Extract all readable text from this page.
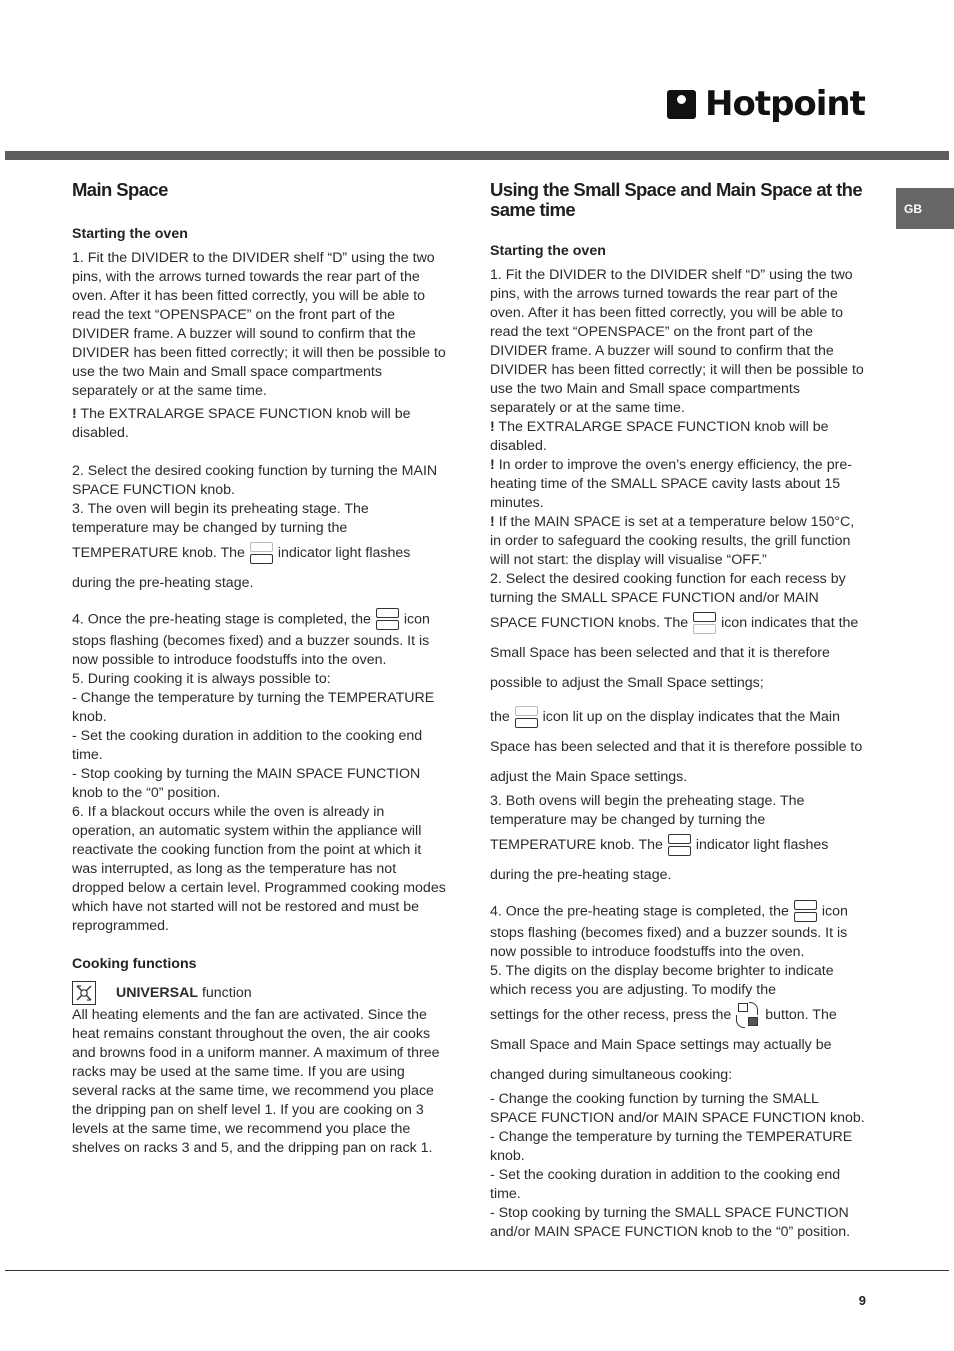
Hotpoint
GB
Main Space
Starting the oven

1. Fit the DIVIDER to the DIVIDER shelf “D” using the two pins, with the arrows turned towards the rear part of the oven. After it has been fitted correctly, you will be able to read the text “OPENSPACE” on the front part of the DIVIDER frame. A buzzer will sound to confirm that the DIVIDER has been fitted correctly; it will then be possible to use the two Main and Small space compartments separately or at the same time.

! The EXTRALARGE SPACE FUNCTION knob will be disabled.

2. Select the desired cooking function by turning the MAIN SPACE FUNCTION knob.

3. The oven will begin its preheating stage. The temperature may be changed by turning the

TEMPERATURE knob. The indicator light flashes during the pre-heating stage.

4. Once the pre-heating stage is completed, the icon stops flashing (becomes fixed) and a buzzer sounds. It is now possible to introduce foodstuffs into the oven.

5. During cooking it is always possible to:

- Change the temperature by turning the TEMPERATURE knob.

- Set the cooking duration in addition to the cooking end time.

- Stop cooking by turning the MAIN SPACE FUNCTION knob to the “0” position.

6. If a blackout occurs while the oven is already in operation, an automatic system within the appliance will reactivate the cooking function from the point at which it was interrupted, as long as the temperature has not dropped below a certain level. Programmed cooking modes which have not started will not be restored and must be reprogrammed.

Cooking functions

UNIVERSAL function

All heating elements and the fan are activated. Since the heat remains constant throughout the oven, the air cooks and browns food in a uniform manner. A maximum of three racks may be used at the same time. If you are using several racks at the same time, we recommend you place the dripping pan on shelf level 1. If you are cooking on 3 levels at the same time, we recommend you place the shelves on racks 3 and 5, and the dripping pan on rack 1.

Using the Small Space and Main Space at the same time
Starting the oven

1. Fit the DIVIDER to the DIVIDER shelf “D” using the two pins, with the arrows turned towards the rear part of the oven. After it has been fitted correctly, you will be able to read the text “OPENSPACE” on the front part of the DIVIDER frame. A buzzer will sound to confirm that the DIVIDER has been fitted correctly; it will then be possible to use the two Main and Small space compartments separately or at the same time.

! The EXTRALARGE SPACE FUNCTION knob will be disabled.

! In order to improve the oven’s energy efficiency, the pre-heating time of the SMALL SPACE cavity lasts about 15 minutes.

! If the MAIN SPACE is set at a temperature below 150°C, in order to safeguard the cooking results, the grill function will not start: the display will visualise “OFF.”

2. Select the desired cooking function for each recess by turning the SMALL SPACE FUNCTION and/or MAIN

SPACE FUNCTION knobs. The icon indicates that the Small Space has been selected and that it is therefore possible to adjust the Small Space settings;

the icon lit up on the display indicates that the Main Space has been selected and that it is therefore possible to adjust the Main Space settings.

3. Both ovens will begin the preheating stage. The temperature may be changed by turning the

TEMPERATURE knob. The indicator light flashes during the pre-heating stage.

4. Once the pre-heating stage is completed, the icon stops flashing (becomes fixed) and a buzzer sounds. It is now possible to introduce foodstuffs into the oven.

5. The digits on the display become brighter to indicate which recess you are adjusting. To modify the

settings for the other recess, press the button. The Small Space and Main Space settings may actually be changed during simultaneous cooking:

- Change the cooking function by turning the SMALL SPACE FUNCTION and/or MAIN SPACE FUNCTION knob.

- Change the temperature by turning the TEMPERATURE knob.

- Set the cooking duration in addition to the cooking end time.

- Stop cooking by turning the SMALL SPACE FUNCTION and/or MAIN SPACE FUNCTION knob to the “0” position.

9
